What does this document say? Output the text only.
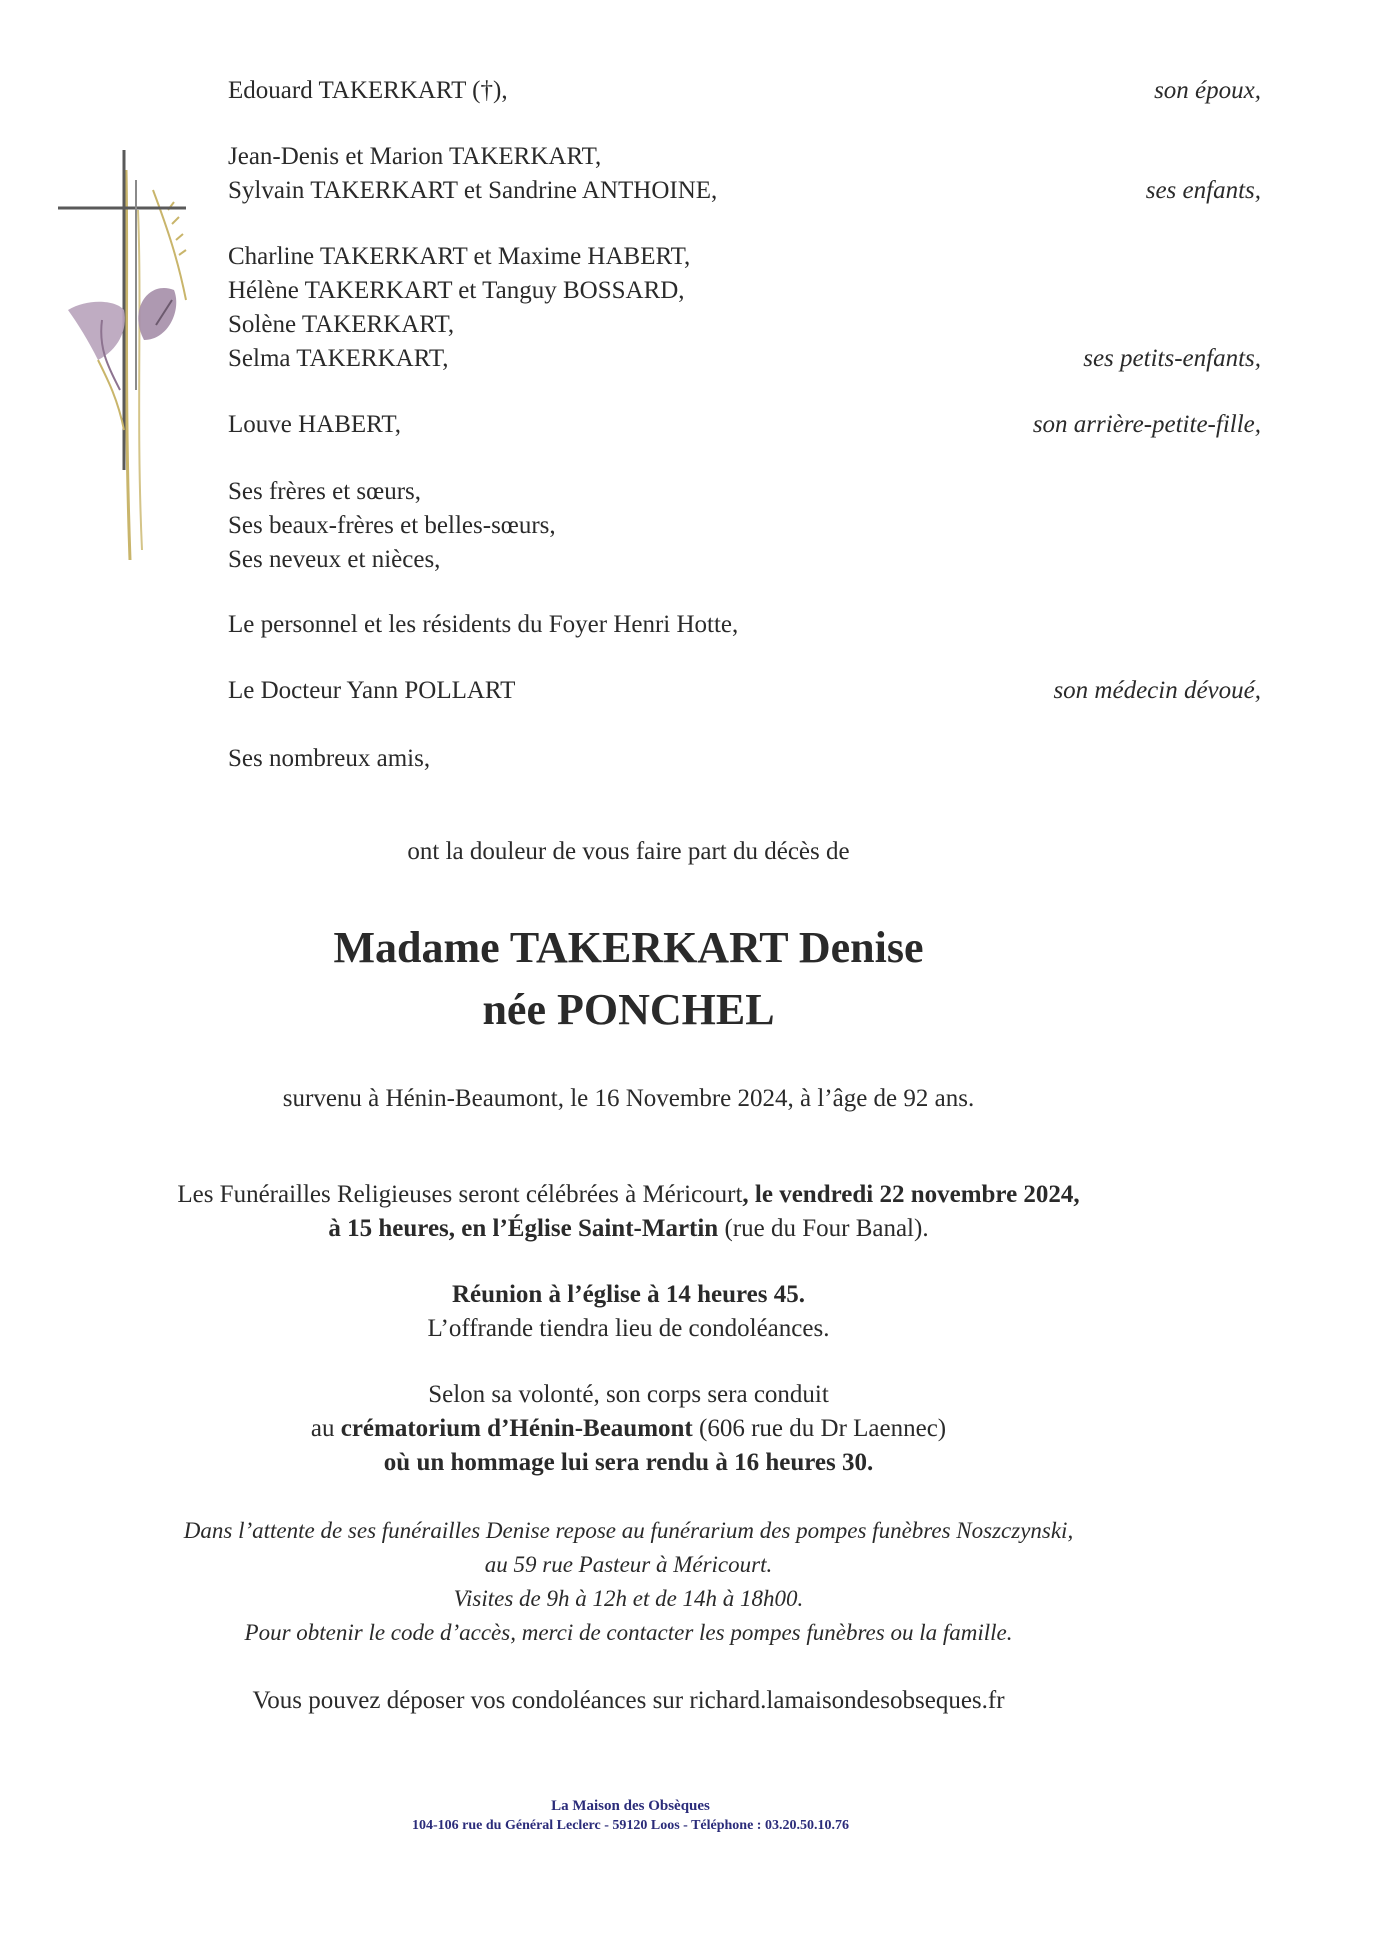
Edouard TAKERKART (†),	son époux,
Jean-Denis et Marion TAKERKART,
Sylvain TAKERKART et Sandrine ANTHOINE,	ses enfants,
Charline TAKERKART et Maxime HABERT,
Hélène TAKERKART et Tanguy BOSSARD,
Solène TAKERKART,
Selma TAKERKART,	ses petits-enfants,
Louve HABERT,	son arrière-petite-fille,
Ses frères et sœurs,
Ses beaux-frères et belles-sœurs,
Ses neveux et nièces,
Le personnel et les résidents du Foyer Henri Hotte,
Le Docteur Yann POLLART	son médecin dévoué,
Ses nombreux amis,
ont la douleur de vous faire part du décès de
Madame TAKERKART Denise
née PONCHEL
survenu à Hénin-Beaumont, le 16 Novembre 2024, à l’âge de 92 ans.
Les Funérailles Religieuses seront célébrées à Méricourt, le vendredi 22 novembre 2024,
à 15 heures, en l’Église Saint-Martin (rue du Four Banal).
Réunion à l’église à 14 heures 45.
L’offrande tiendra lieu de condoléances.
Selon sa volonté, son corps sera conduit
au crématorium d’Hénin-Beaumont (606 rue du Dr Laennec)
où un hommage lui sera rendu à 16 heures 30.
Dans l’attente de ses funérailles Denise repose au funérarium des pompes funèbres Noszczynski,
au 59 rue Pasteur à Méricourt.
Visites de 9h à 12h et de 14h à 18h00.
Pour obtenir le code d’accès, merci de contacter les pompes funèbres ou la famille.
Vous pouvez déposer vos condoléances sur richard.lamaisondesobseques.fr
La Maison des Obsèques
104-106 rue du Général Leclerc - 59120 Loos - Téléphone : 03.20.50.10.76
